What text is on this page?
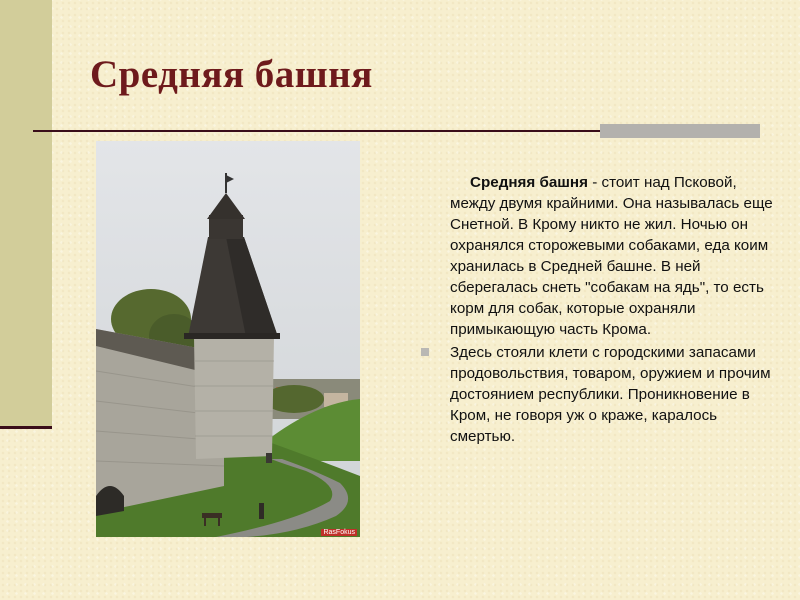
Средняя башня
RasFokus

Средняя башня - стоит над Псковой, между двумя крайними. Она называлась еще Снетной. В Крому никто не жил. Ночью он охранялся сторожевыми собаками, еда коим хранилась в Средней башне. В ней сберегалась снеть "собакам на ядь", то есть корм для собак, которые охраняли примыкающую часть Крома.

Здесь стояли клети с городскими запасами продовольствия, товаром, оружием и прочим достоянием республики. Проникновение в Кром, не говоря уж о краже, каралось смертью.
